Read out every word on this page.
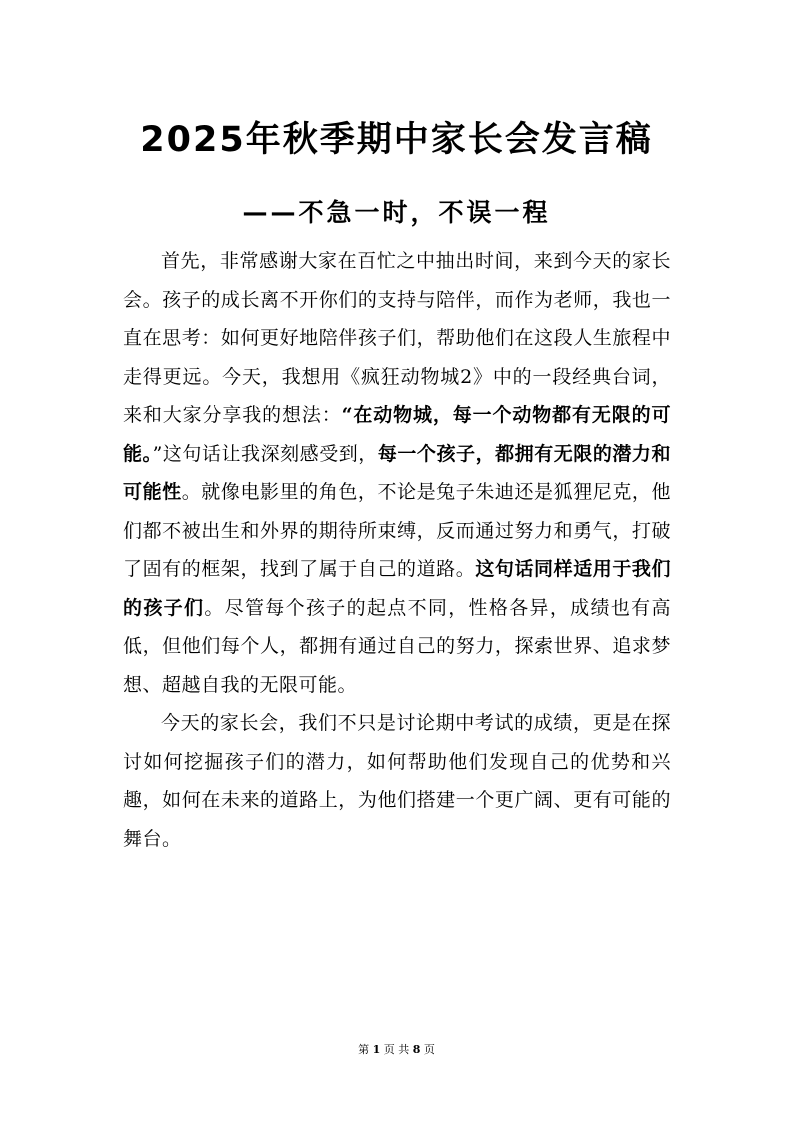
2025年秋季期中家长会发言稿
——不急一时，不误一程

首先，非常感谢大家在百忙之中抽出时间，来到今天的家长会。孩子的成长离不开你们的支持与陪伴，而作为老师，我也一直在思考：如何更好地陪伴孩子们，帮助他们在这段人生旅程中走得更远。今天，我想用《疯狂动物城2》中的一段经典台词，来和大家分享我的想法：“在动物城，每一个动物都有无限的可能。”这句话让我深刻感受到，每一个孩子，都拥有无限的潜力和可能性。就像电影里的角色，不论是兔子朱迪还是狐狸尼克，他们都不被出生和外界的期待所束缚，反而通过努力和勇气，打破了固有的框架，找到了属于自己的道路。这句话同样适用于我们的孩子们。尽管每个孩子的起点不同，性格各异，成绩也有高低，但他们每个人，都拥有通过自己的努力，探索世界、追求梦想、超越自我的无限可能。

今天的家长会，我们不只是讨论期中考试的成绩，更是在探讨如何挖掘孩子们的潜力，如何帮助他们发现自己的优势和兴趣，如何在未来的道路上，为他们搭建一个更广阔、更有可能的舞台。

第 1 页 共 8 页
